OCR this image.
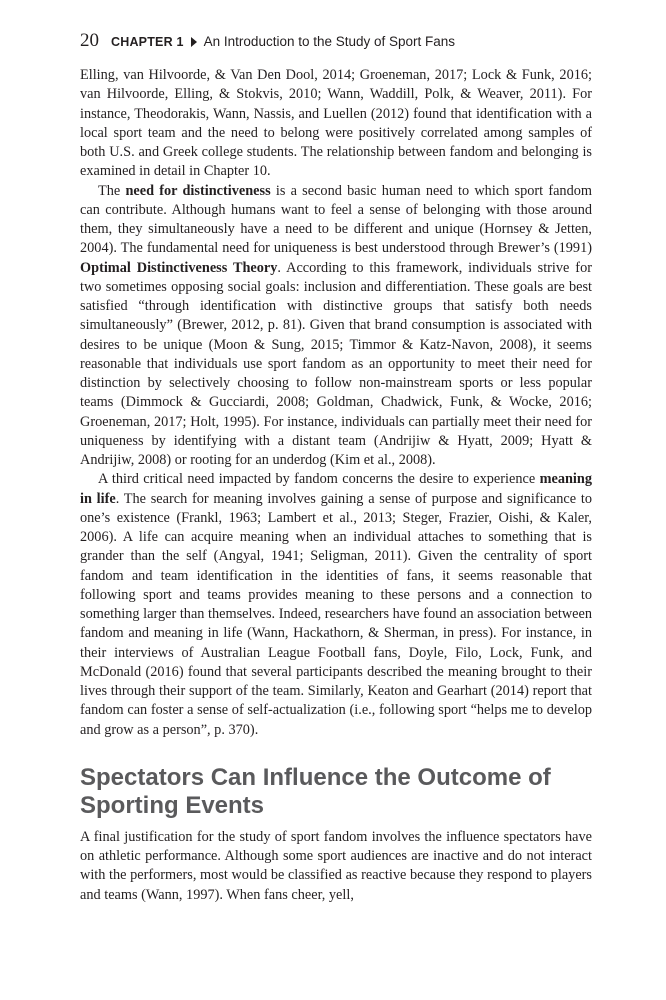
20 CHAPTER 1 An Introduction to the Study of Sport Fans

Elling, van Hilvoorde, & Van Den Dool, 2014; Groeneman, 2017; Lock & Funk, 2016; van Hilvoorde, Elling, & Stokvis, 2010; Wann, Waddill, Polk, & Weaver, 2011). For instance, Theodorakis, Wann, Nassis, and Luellen (2012) found that identification with a local sport team and the need to belong were positively correlated among samples of both U.S. and Greek college students. The relationship between fandom and belonging is examined in detail in Chapter 10.

The need for distinctiveness is a second basic human need to which sport fandom can contribute. Although humans want to feel a sense of belonging with those around them, they simultaneously have a need to be different and unique (Hornsey & Jetten, 2004). The fundamental need for uniqueness is best understood through Brewer’s (1991) Optimal Distinctiveness Theory. According to this framework, individuals strive for two sometimes opposing social goals: inclusion and differentiation. These goals are best satisfied “through identification with distinctive groups that satisfy both needs simultaneously” (Brewer, 2012, p. 81). Given that brand consumption is associated with desires to be unique (Moon & Sung, 2015; Timmor & Katz-Navon, 2008), it seems reasonable that individuals use sport fandom as an opportunity to meet their need for distinction by selectively choosing to follow non-mainstream sports or less popular teams (Dimmock & Gucciardi, 2008; Goldman, Chadwick, Funk, & Wocke, 2016; Groeneman, 2017; Holt, 1995). For instance, individuals can partially meet their need for uniqueness by identifying with a distant team (Andrijiw & Hyatt, 2009; Hyatt & Andrijiw, 2008) or rooting for an underdog (Kim et al., 2008).

A third critical need impacted by fandom concerns the desire to experience meaning in life. The search for meaning involves gaining a sense of purpose and significance to one’s existence (Frankl, 1963; Lambert et al., 2013; Steger, Frazier, Oishi, & Kaler, 2006). A life can acquire meaning when an individual attaches to something that is grander than the self (Angyal, 1941; Seligman, 2011). Given the centrality of sport fandom and team identification in the identities of fans, it seems reasonable that following sport and teams provides meaning to these persons and a connection to something larger than themselves. Indeed, researchers have found an association between fandom and meaning in life (Wann, Hackathorn, & Sherman, in press). For instance, in their interviews of Australian League Football fans, Doyle, Filo, Lock, Funk, and McDonald (2016) found that several participants described the meaning brought to their lives through their support of the team. Similarly, Keaton and Gearhart (2014) report that fandom can foster a sense of self-actualization (i.e., following sport “helps me to develop and grow as a person”, p. 370).

Spectators Can Influence the Outcome of Sporting Events

A final justification for the study of sport fandom involves the influence spectators have on athletic performance. Although some sport audiences are inactive and do not interact with the performers, most would be classified as reactive because they respond to players and teams (Wann, 1997). When fans cheer, yell,
